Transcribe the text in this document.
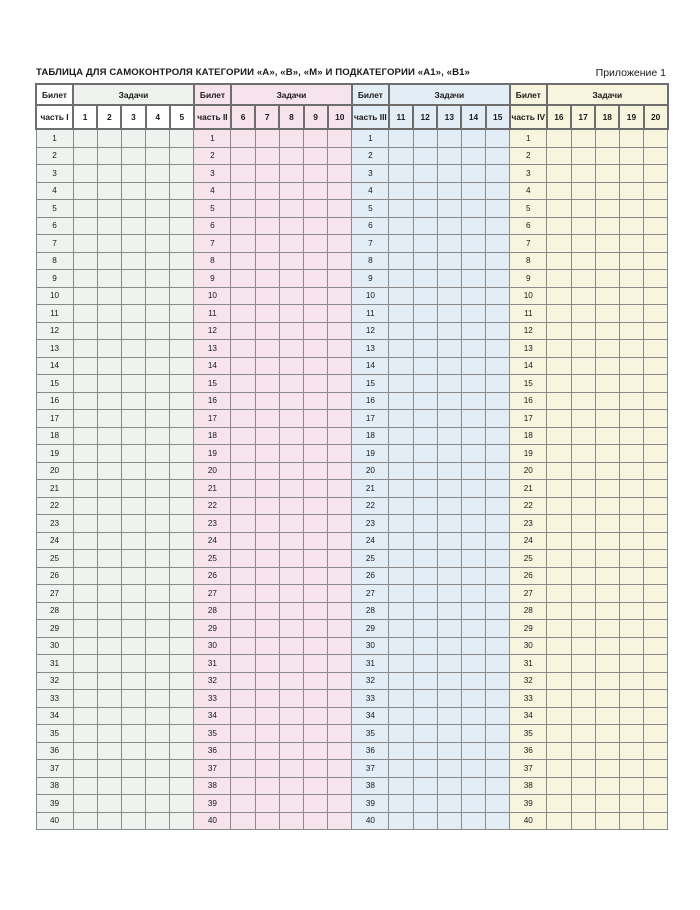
ТАБЛИЦА ДЛЯ САМОКОНТРОЛЯ КАТЕГОРИИ «А», «В», «М» И ПОДКАТЕГОРИИ «А1», «В1»	Приложение 1
Билет	Задачи					Билет	Задачи					Билет	Задачи					Билет	Задачи				
часть I	1	2	3	4	5	часть II	6	7	8	9	10	часть III	11	12	13	14	15	часть IV	16	17	18	19	20
1						1						1						1					
2						2						2						2					
3						3						3						3					
4						4						4						4					
5						5						5						5					
6						6						6						6					
7						7						7						7					
8						8						8						8					
9						9						9						9					
10						10						10						10					
11						11						11						11					
12						12						12						12					
13						13						13						13					
14						14						14						14					
15						15						15						15					
16						16						16						16					
17						17						17						17					
18						18						18						18					
19						19						19						19					
20						20						20						20					
21						21						21						21					
22						22						22						22					
23						23						23						23					
24						24						24						24					
25						25						25						25					
26						26						26						26					
27						27						27						27					
28						28						28						28					
29						29						29						29					
30						30						30						30					
31						31						31						31					
32						32						32						32					
33						33						33						33					
34						34						34						34					
35						35						35						35					
36						36						36						36					
37						37						37						37					
38						38						38						38					
39						39						39						39					
40						40						40						40					
